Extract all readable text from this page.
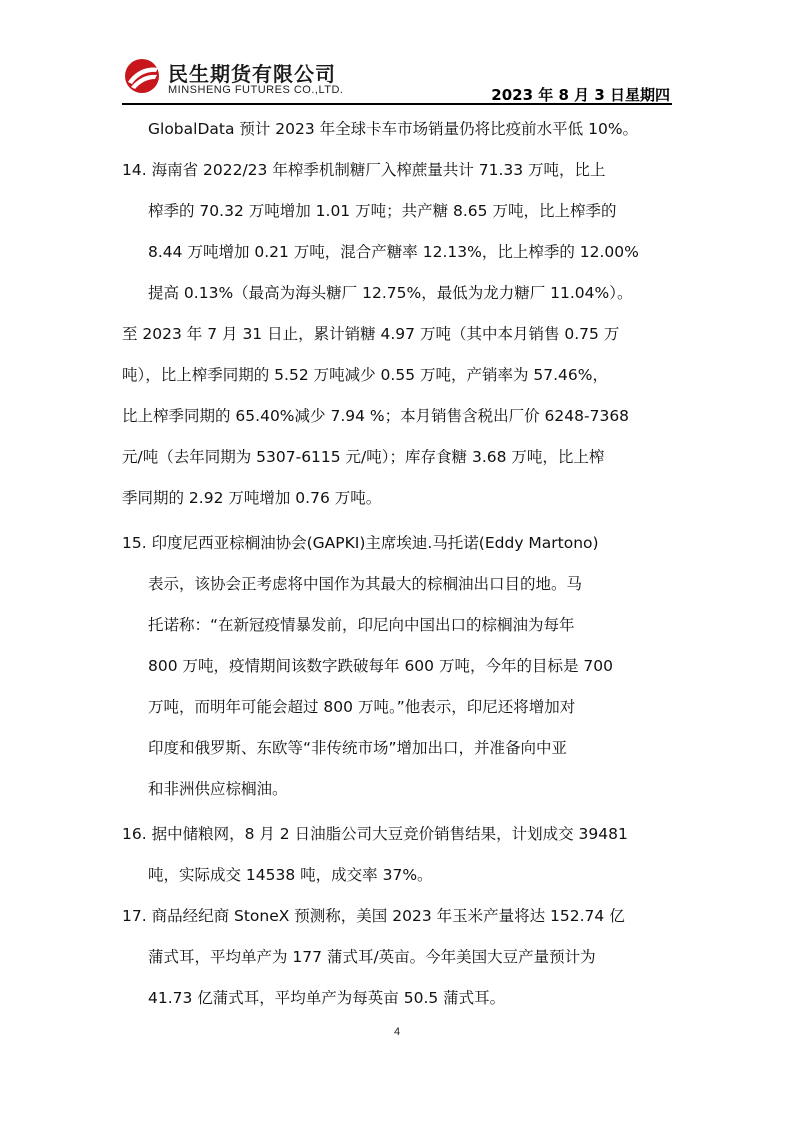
民生期货有限公司
MINSHENG FUTURES CO.,LTD.	2023 年 8 月 3 日星期四
GlobalData 预计 2023 年全球卡车市场销量仍将比疫前水平低 10%。
14. 海南省 2022/23 年榨季机制糖厂入榨蔗量共计 71.33 万吨，比上
榨季的 70.32 万吨增加 1.01 万吨；共产糖 8.65 万吨，比上榨季的
8.44 万吨增加 0.21 万吨，混合产糖率 12.13%，比上榨季的 12.00%
提高 0.13%（最高为海头糖厂 12.75%，最低为龙力糖厂 11.04%）。
至 2023 年 7 月 31 日止，累计销糖 4.97 万吨（其中本月销售 0.75 万
吨），比上榨季同期的 5.52 万吨减少 0.55 万吨，产销率为 57.46%，
比上榨季同期的 65.40%减少 7.94 %；本月销售含税出厂价 6248-7368
元/吨（去年同期为 5307-6115 元/吨）；库存食糖 3.68 万吨，比上榨
季同期的 2.92 万吨增加 0.76 万吨。
15. 印度尼西亚棕榈油协会(GAPKI)主席埃迪.马托诺(Eddy Martono)
表示，该协会正考虑将中国作为其最大的棕榈油出口目的地。马
托诺称：“在新冠疫情暴发前，印尼向中国出口的棕榈油为每年
800 万吨，疫情期间该数字跌破每年 600 万吨，今年的目标是 700
万吨，而明年可能会超过 800 万吨。”他表示，印尼还将增加对
印度和俄罗斯、东欧等“非传统市场”增加出口，并准备向中亚
和非洲供应棕榈油。
16. 据中储粮网，8 月 2 日油脂公司大豆竞价销售结果，计划成交 39481
吨，实际成交 14538 吨，成交率 37%。
17. 商品经纪商 StoneX 预测称，美国 2023 年玉米产量将达 152.74 亿
蒲式耳，平均单产为 177 蒲式耳/英亩。今年美国大豆产量预计为
41.73 亿蒲式耳，平均单产为每英亩 50.5 蒲式耳。
4
